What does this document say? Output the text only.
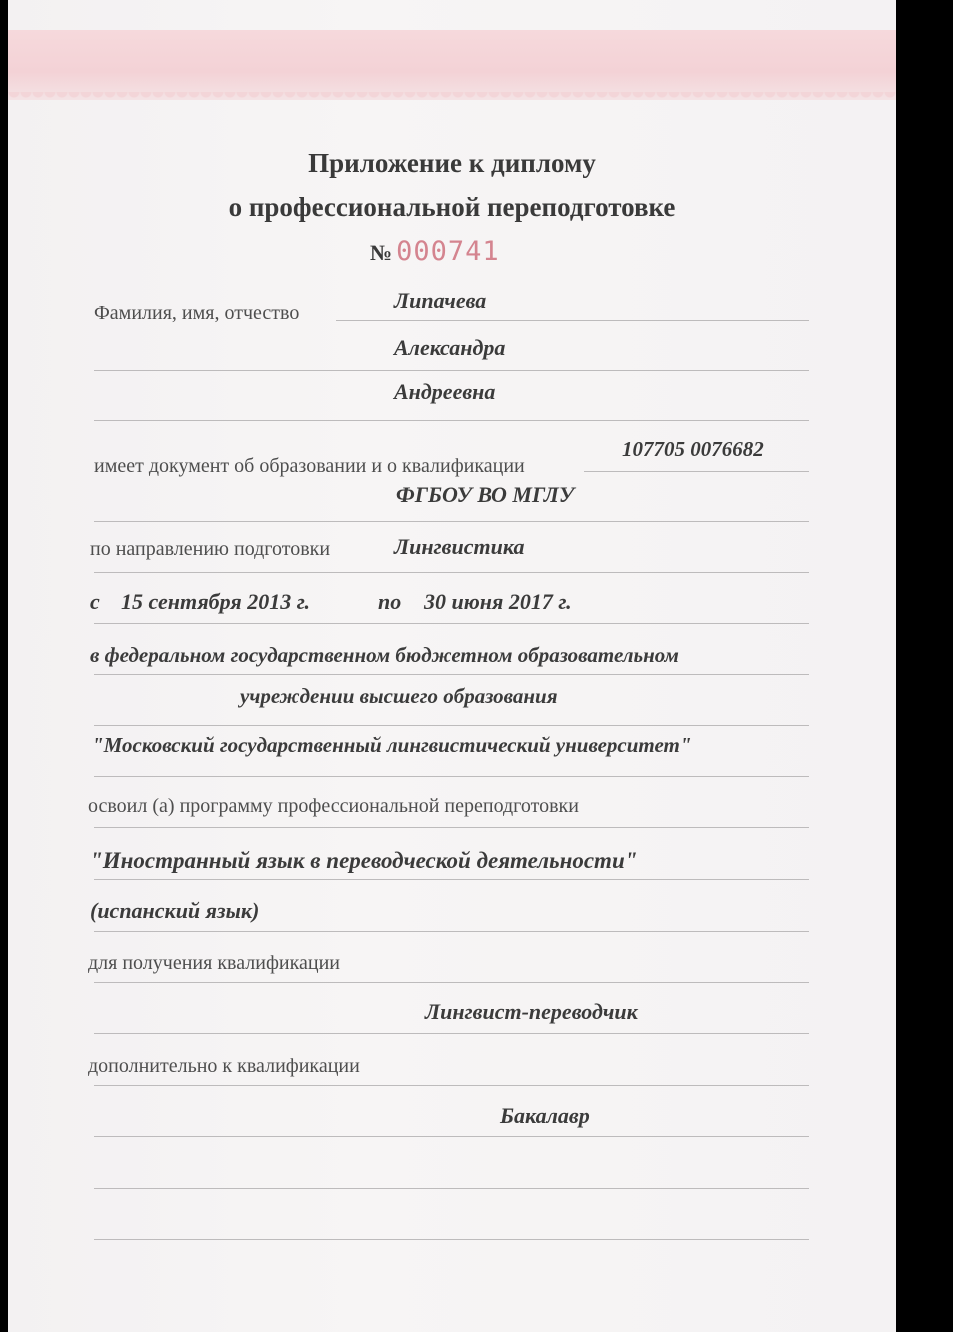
Приложение к диплому
о профессиональной переподготовке
№ 000741
Фамилия, имя, отчество	Липачева
Александра
Андреевна
107705 0076682
имеет документ об образовании и о квалификации
ФГБОУ ВО МГЛУ
по направлению подготовки	Лингвистика
с 15 сентября 2013 г.	по 30 июня 2017 г.
в федеральном государственном бюджетном образовательном
учреждении высшего образования
"Московский государственный лингвистический университет"
освоил (а) программу профессиональной переподготовки
"Иностранный язык в переводческой деятельности"
(испанский язык)
для получения квалификации
Лингвист-переводчик
дополнительно к квалификации
Бакалавр
